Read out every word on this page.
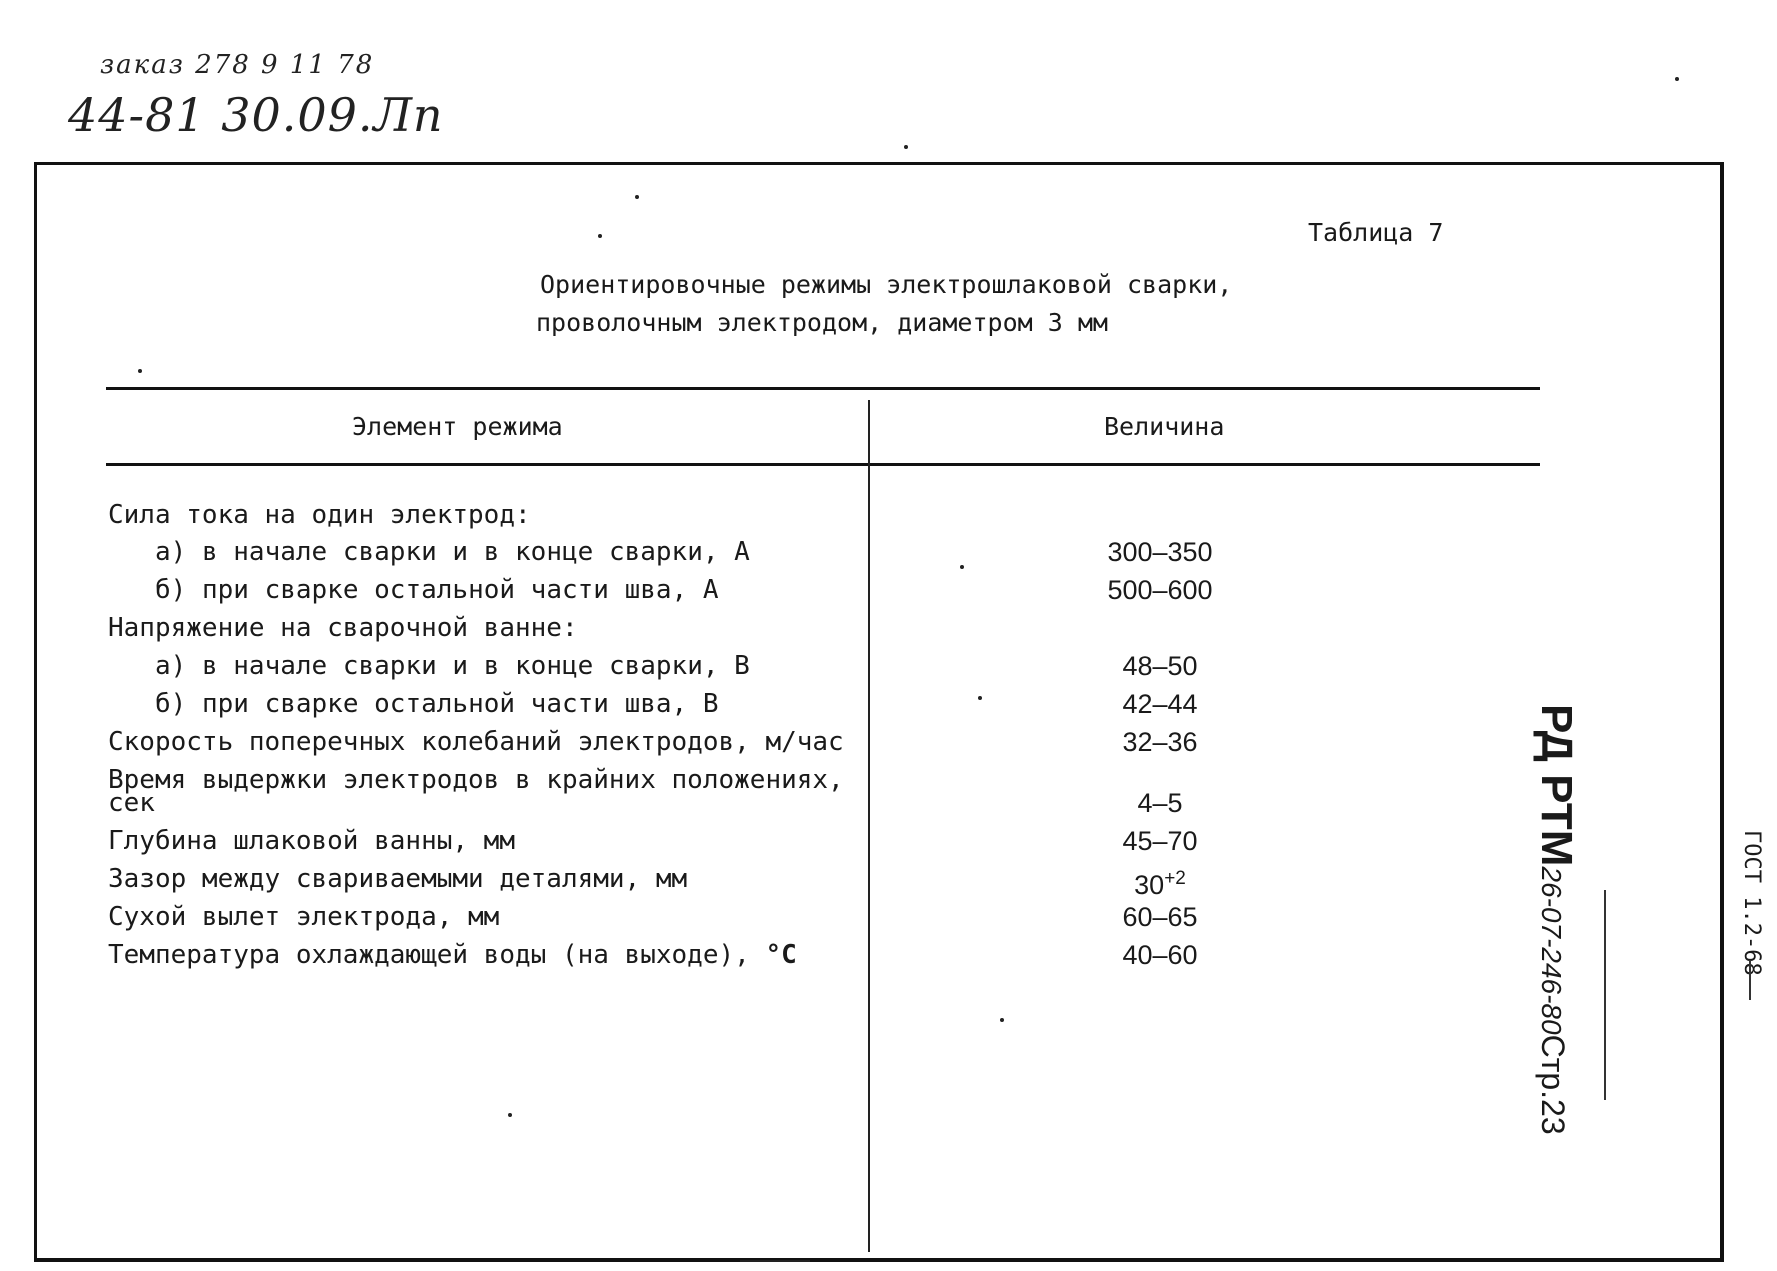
заказ 278 9 11 78
44-81 30.09.Лп
Таблица 7
Ориентировочные режимы электрошлаковой сварки,
проволочным электродом, диаметром 3 мм
Элемент режима	Величина
Сила тока на один электрод:
а) в начале сварки и в конце сварки, А	300–350
б) при сварке остальной части шва, А	500–600
Напряжение на сварочной ванне:
а) в начале сварки и в конце сварки, В	48–50
б) при сварке остальной части шва, В	42–44
Скорость поперечных колебаний электродов, м/час	32–36
Время выдержки электродов в крайних положениях,
сек	4–5
Глубина шлаковой ванны, мм	45–70
Зазор между свариваемыми деталями, мм	$30^{+2}$
Сухой вылет электрода, мм	60–65
Температура охлаждающей воды (на выходе), °С	40–60
РД РТМ26-07-246-80Стр.23
ГОСТ 1.2-68
